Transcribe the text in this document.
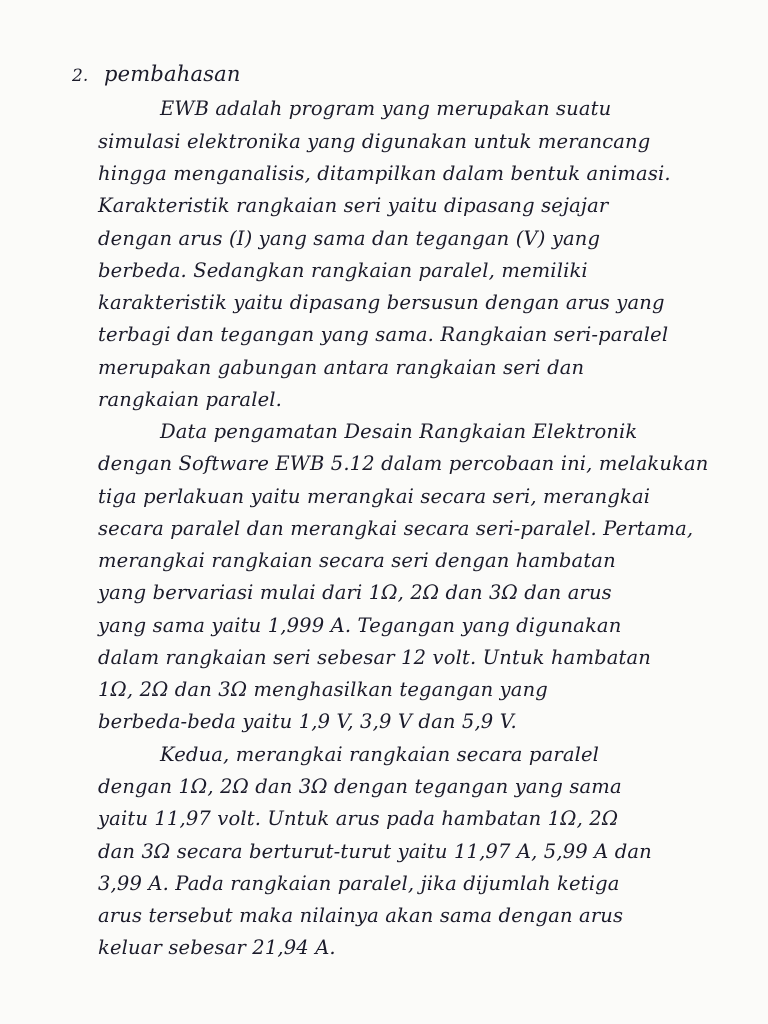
2. pembahasan
EWB adalah program yang merupakan suatu
simulasi elektronika yang digunakan untuk merancang
hingga menganalisis, ditampilkan dalam bentuk animasi.
Karakteristik rangkaian seri yaitu dipasang sejajar
dengan arus (I) yang sama dan tegangan (V) yang
berbeda. Sedangkan rangkaian paralel, memiliki
karakteristik yaitu dipasang bersusun dengan arus yang
terbagi dan tegangan yang sama. Rangkaian seri-paralel
merupakan gabungan antara rangkaian seri dan
rangkaian paralel.
Data pengamatan Desain Rangkaian Elektronik
dengan Software EWB 5.12 dalam percobaan ini, melakukan
tiga perlakuan yaitu merangkai secara seri, merangkai
secara paralel dan merangkai secara seri-paralel. Pertama,
merangkai rangkaian secara seri dengan hambatan
yang bervariasi mulai dari 1Ω, 2Ω dan 3Ω dan arus
yang sama yaitu 1,999 A. Tegangan yang digunakan
dalam rangkaian seri sebesar 12 volt. Untuk hambatan
1Ω, 2Ω dan 3Ω menghasilkan tegangan yang
berbeda-beda yaitu 1,9 V, 3,9 V dan 5,9 V.
Kedua, merangkai rangkaian secara paralel
dengan 1Ω, 2Ω dan 3Ω dengan tegangan yang sama
yaitu 11,97 volt. Untuk arus pada hambatan 1Ω, 2Ω
dan 3Ω secara berturut-turut yaitu 11,97 A, 5,99 A dan
3,99 A. Pada rangkaian paralel, jika dijumlah ketiga
arus tersebut maka nilainya akan sama dengan arus
keluar sebesar 21,94 A.
